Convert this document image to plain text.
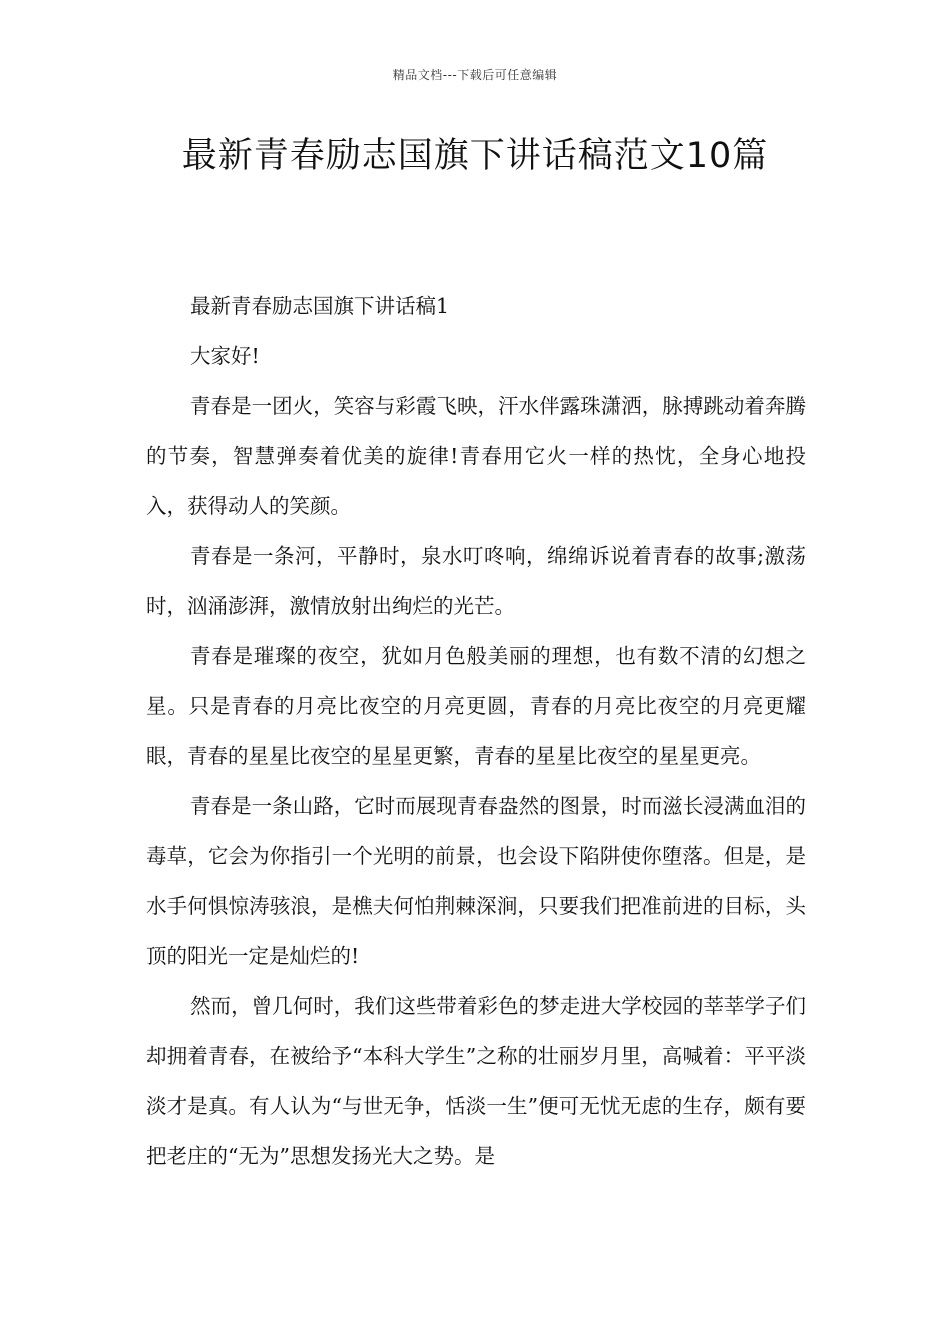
精品文档---下载后可任意编辑
最新青春励志国旗下讲话稿范文10篇

最新青春励志国旗下讲话稿1

大家好!

青春是一团火，笑容与彩霞飞映，汗水伴露珠潇洒，脉搏跳动着奔腾的节奏，智慧弹奏着优美的旋律!青春用它火一样的热忱，全身心地投入，获得动人的笑颜。

青春是一条河，平静时，泉水叮咚响，绵绵诉说着青春的故事;激荡时，汹涌澎湃，激情放射出绚烂的光芒。

青春是璀璨的夜空，犹如月色般美丽的理想，也有数不清的幻想之星。只是青春的月亮比夜空的月亮更圆，青春的月亮比夜空的月亮更耀眼，青春的星星比夜空的星星更繁，青春的星星比夜空的星星更亮。

青春是一条山路，它时而展现青春盎然的图景，时而滋长浸满血泪的毒草，它会为你指引一个光明的前景，也会设下陷阱使你堕落。但是，是水手何惧惊涛骇浪，是樵夫何怕荆棘深涧，只要我们把准前进的目标，头顶的阳光一定是灿烂的!

然而，曾几何时，我们这些带着彩色的梦走进大学校园的莘莘学子们却拥着青春，在被给予“本科大学生”之称的壮丽岁月里，高喊着：平平淡淡才是真。有人认为“与世无争，恬淡一生”便可无忧无虑的生存，颇有要把老庄的“无为”思想发扬光大之势。是
